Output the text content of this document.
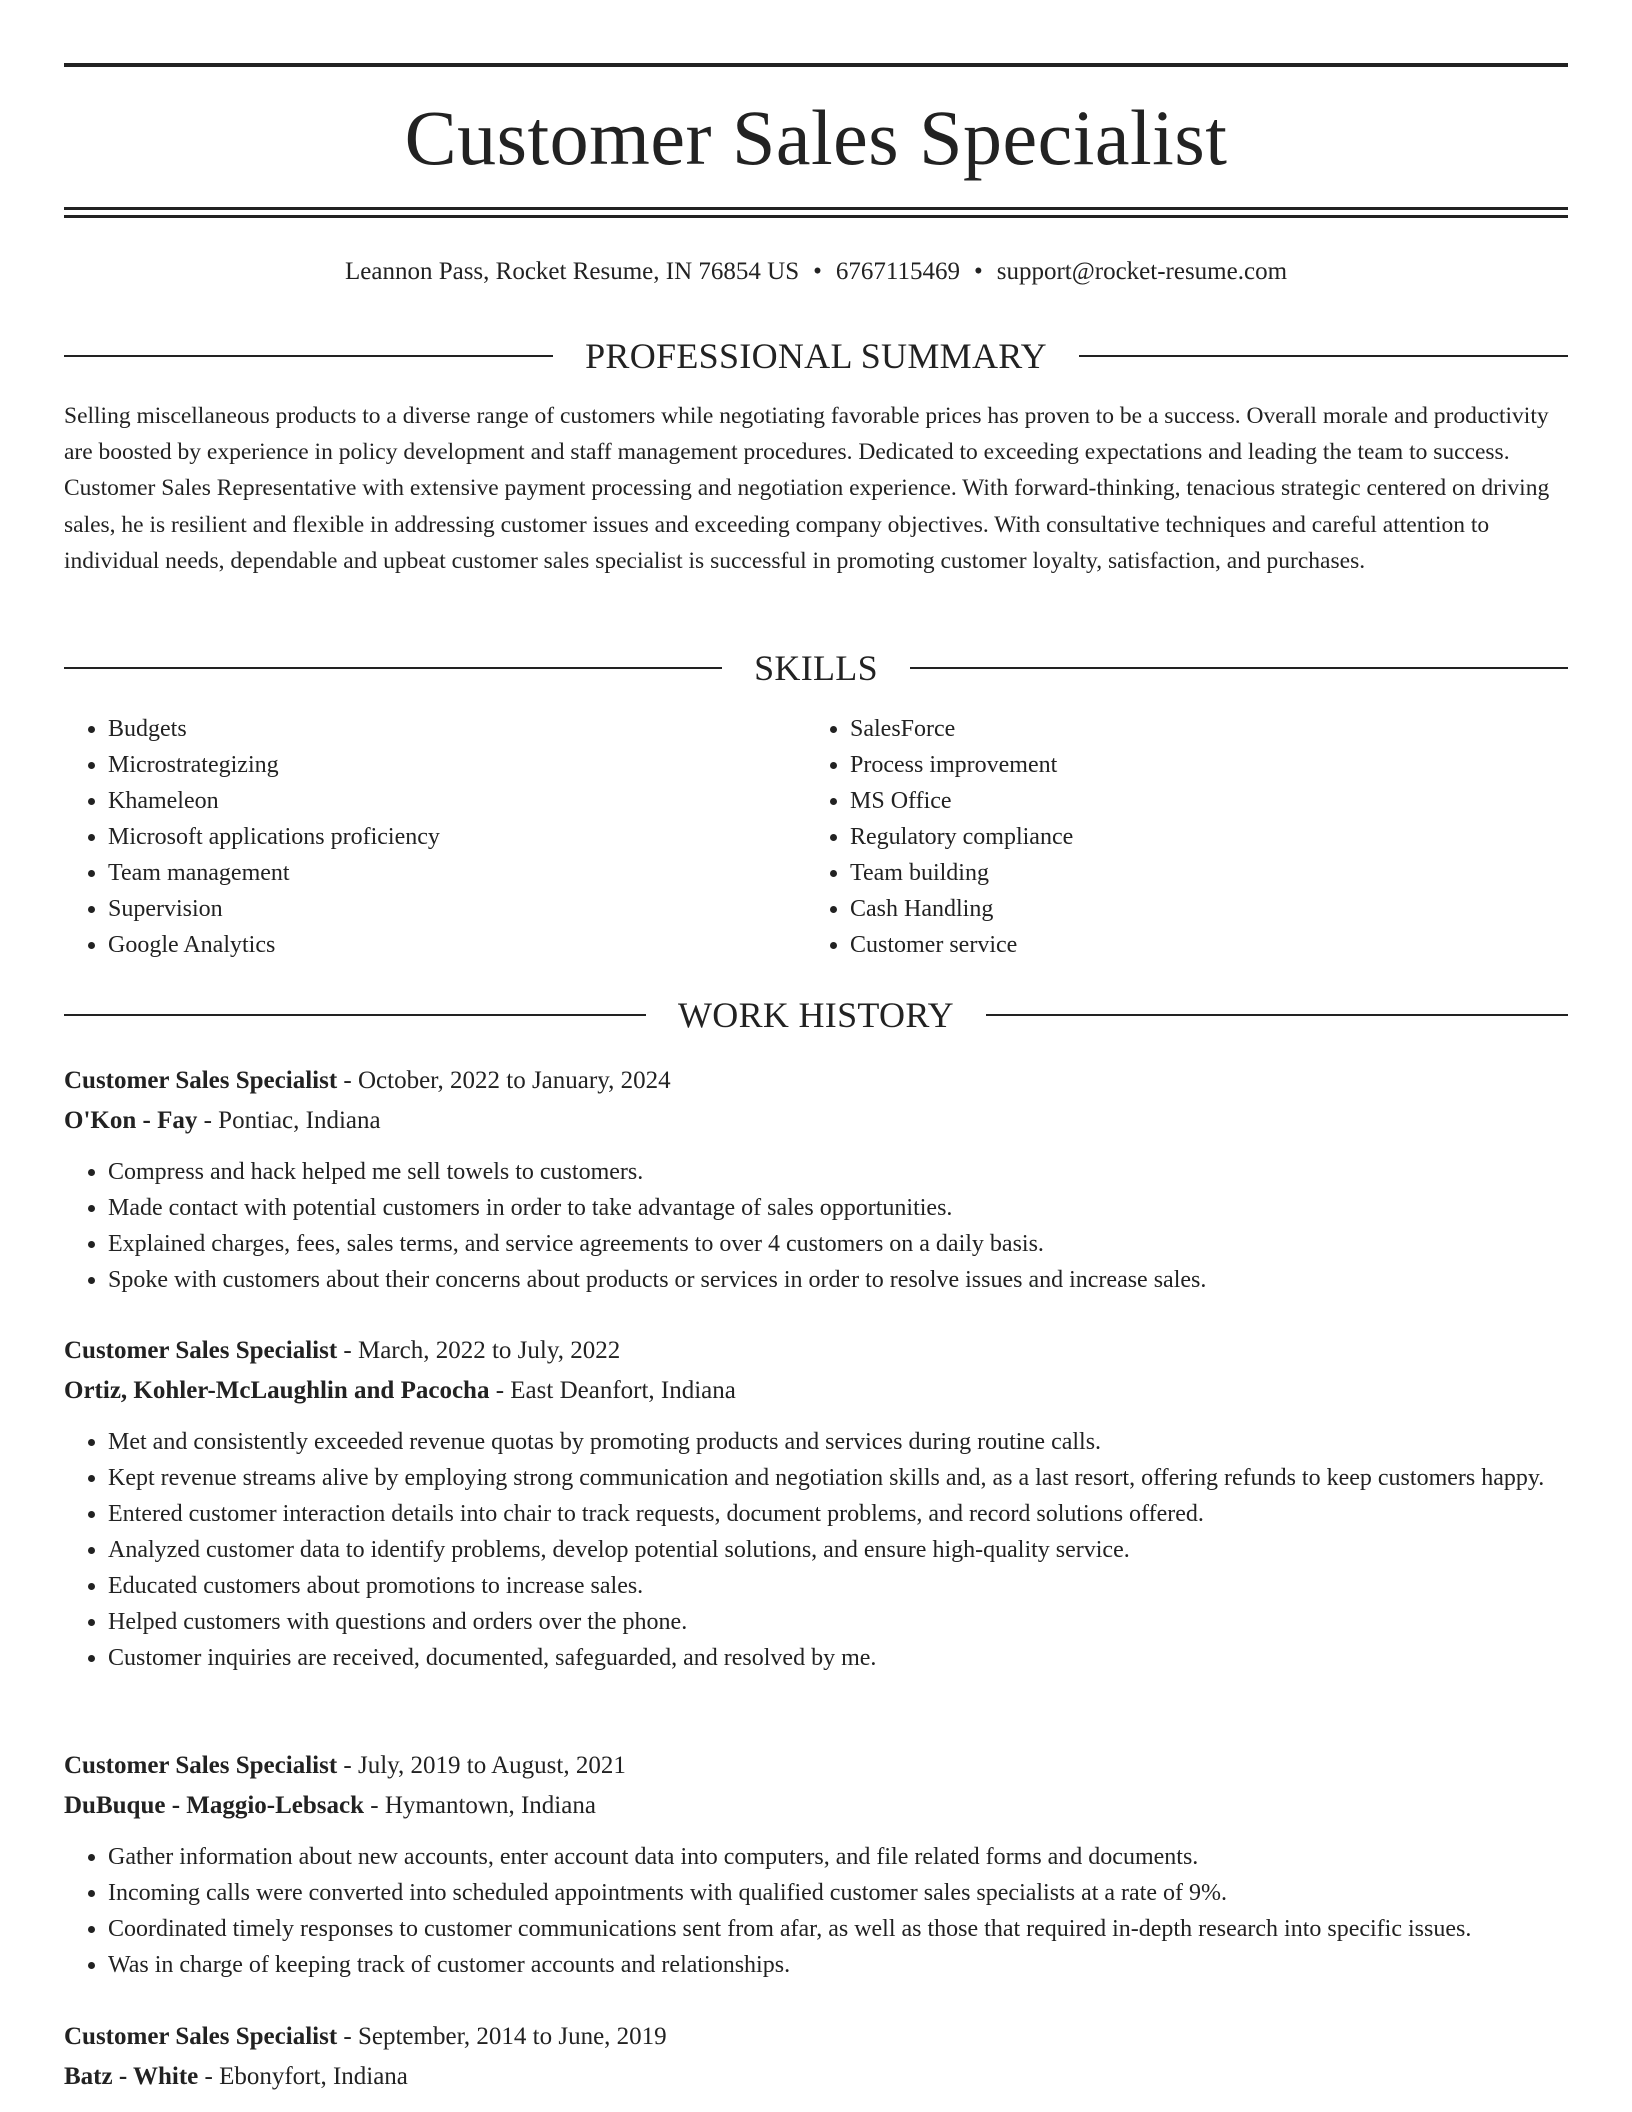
Customer Sales Specialist
Leannon Pass, Rocket Resume, IN 76854 US • 6767115469 • support@rocket-resume.com
PROFESSIONAL SUMMARY

Selling miscellaneous products to a diverse range of customers while negotiating favorable prices has proven to be a success. Overall morale and productivity are boosted by experience in policy development and staff management procedures. Dedicated to exceeding expectations and leading the team to success. Customer Sales Representative with extensive payment processing and negotiation experience. With forward-thinking, tenacious strategic centered on driving sales, he is resilient and flexible in addressing customer issues and exceeding company objectives. With consultative techniques and careful attention to individual needs, dependable and upbeat customer sales specialist is successful in promoting customer loyalty, satisfaction, and purchases.

SKILLS
• Budgets
• Microstrategizing
• Khameleon
• Microsoft applications proficiency
• Team management
• Supervision
• Google Analytics
• SalesForce
• Process improvement
• MS Office
• Regulatory compliance
• Team building
• Cash Handling
• Customer service
WORK HISTORY
Customer Sales Specialist - October, 2022 to January, 2024
O'Kon - Fay - Pontiac, Indiana
• Compress and hack helped me sell towels to customers.
• Made contact with potential customers in order to take advantage of sales opportunities.
• Explained charges, fees, sales terms, and service agreements to over 4 customers on a daily basis.
• Spoke with customers about their concerns about products or services in order to resolve issues and increase sales.
Customer Sales Specialist - March, 2022 to July, 2022
Ortiz, Kohler-McLaughlin and Pacocha - East Deanfort, Indiana
• Met and consistently exceeded revenue quotas by promoting products and services during routine calls.
• Kept revenue streams alive by employing strong communication and negotiation skills and, as a last resort, offering refunds to keep customers happy.
• Entered customer interaction details into chair to track requests, document problems, and record solutions offered.
• Analyzed customer data to identify problems, develop potential solutions, and ensure high-quality service.
• Educated customers about promotions to increase sales.
• Helped customers with questions and orders over the phone.
• Customer inquiries are received, documented, safeguarded, and resolved by me.
Customer Sales Specialist - July, 2019 to August, 2021
DuBuque - Maggio-Lebsack - Hymantown, Indiana
• Gather information about new accounts, enter account data into computers, and file related forms and documents.
• Incoming calls were converted into scheduled appointments with qualified customer sales specialists at a rate of 9%.
• Coordinated timely responses to customer communications sent from afar, as well as those that required in-depth research into specific issues.
• Was in charge of keeping track of customer accounts and relationships.
Customer Sales Specialist - September, 2014 to June, 2019
Batz - White - Ebonyfort, Indiana
